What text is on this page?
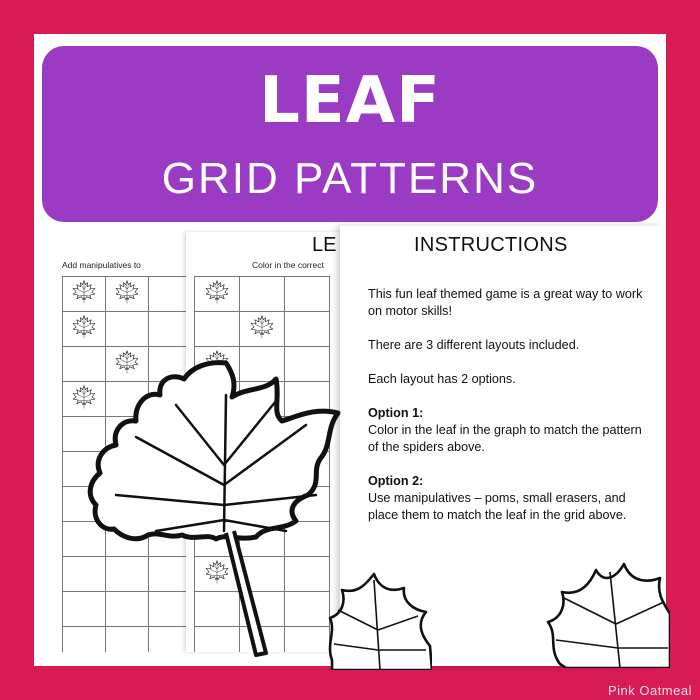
Add manipulatives to

LE
Color in the correct

INSTRUCTIONS

This fun leaf themed game is a great way to work on motor skills!

There are 3 different layouts included.

Each layout has 2 options.

Option 1:

Color in the leaf in the graph to match the pattern of the spiders above.

Option 2:

Use manipulatives – poms, small erasers, and place them to match the leaf in the grid above.

LEAF
GRID PATTERNS
Pink Oatmeal
